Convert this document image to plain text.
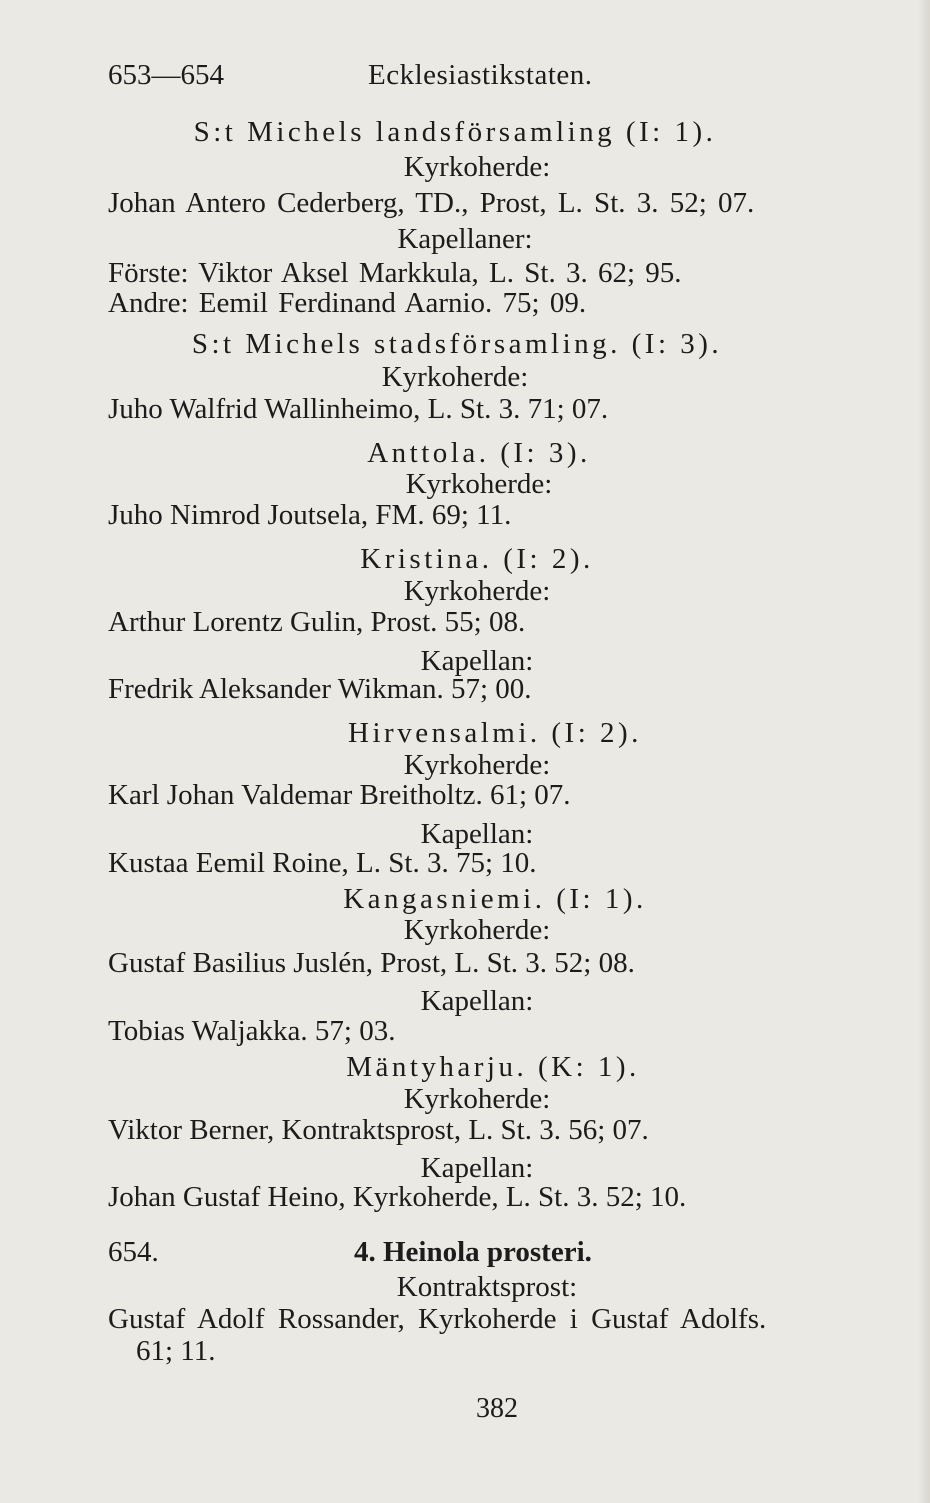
653—654	Ecklesiastikstaten.
S:t Michels landsförsamling (I: 1).
Kyrkoherde:
Johan Antero Cederberg, TD., Prost, L. St. 3. 52; 07.
Kapellaner:
Förste: Viktor Aksel Markkula, L. St. 3. 62; 95.
Andre: Eemil Ferdinand Aarnio. 75; 09.
S:t Michels stadsförsamling. (I: 3).
Kyrkoherde:
Juho Walfrid Wallinheimo, L. St. 3. 71; 07.
Anttola. (I: 3).
Kyrkoherde:
Juho Nimrod Joutsela, FM. 69; 11.
Kristina. (I: 2).
Kyrkoherde:
Arthur Lorentz Gulin, Prost. 55; 08.
Kapellan:
Fredrik Aleksander Wikman. 57; 00.
Hirvensalmi. (I: 2).
Kyrkoherde:
Karl Johan Valdemar Breitholtz. 61; 07.
Kapellan:
Kustaa Eemil Roine, L. St. 3. 75; 10.
Kangasniemi. (I: 1).
Kyrkoherde:
Gustaf Basilius Juslén, Prost, L. St. 3. 52; 08.
Kapellan:
Tobias Waljakka. 57; 03.
Mäntyharju. (K: 1).
Kyrkoherde:
Viktor Berner, Kontraktsprost, L. St. 3. 56; 07.
Kapellan:
Johan Gustaf Heino, Kyrkoherde, L. St. 3. 52; 10.
654.	4. Heinola prosteri.
Kontraktsprost:
Gustaf Adolf Rossander, Kyrkoherde i Gustaf Adolfs.
61; 11.
382
